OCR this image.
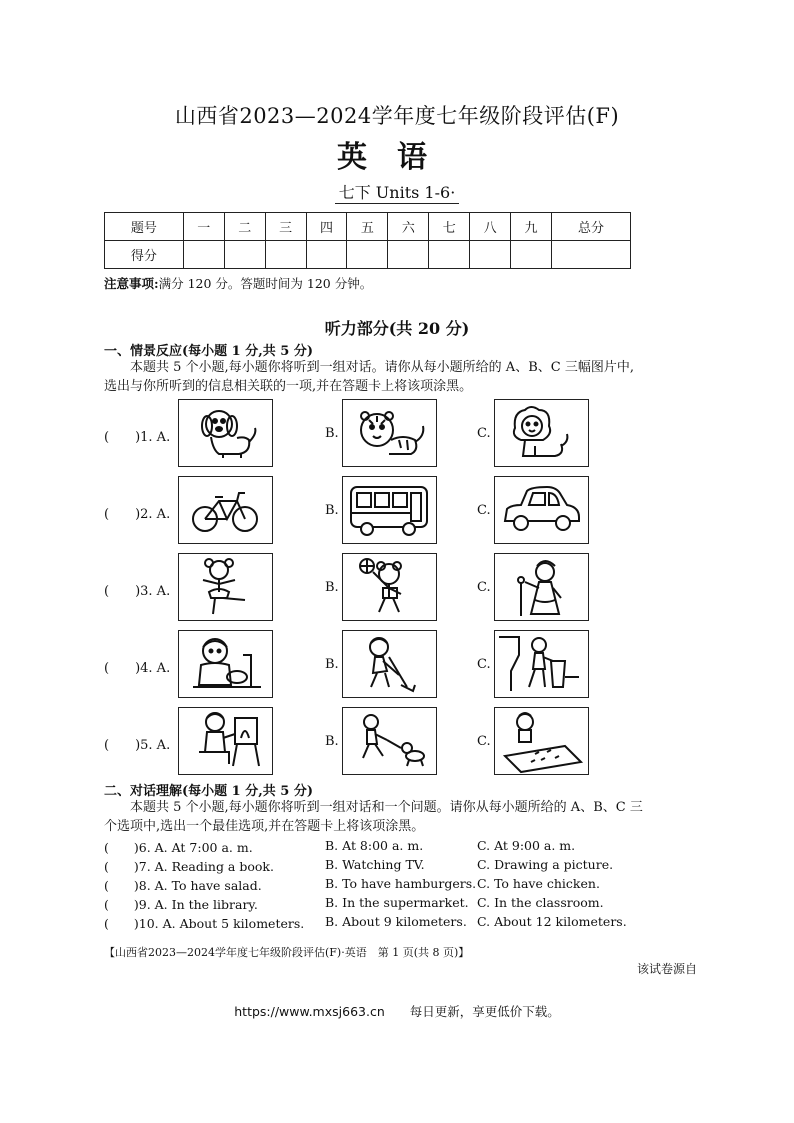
山西省2023—2024学年度七年级阶段评估(F)
英语
七下 Units 1-6·
题号	一	二	三	四	五	六	七	八	九	总分
得分										
注意事项:满分 120 分。答题时间为 120 分钟。
听力部分(共 20 分)
一、情景反应(每小题 1 分,共 5 分)
本题共 5 个小题,每小题你将听到一组对话。请你从每小题所给的 A、B、C 三幅图片中,选出与你所听到的信息相关联的一项,并在答题卡上将该项涂黑。
(　　)1. A.	B.	C.
(　　)2. A.	B.	C.
(　　)3. A.	B.	C.
(　　)4. A.	B.	C.
(　　)5. A.	B.	C.
二、对话理解(每小题 1 分,共 5 分)
本题共 5 个小题,每小题你将听到一组对话和一个问题。请你从每小题所给的 A、B、C 三个选项中,选出一个最佳选项,并在答题卡上将该项涂黑。
(　　)6. A. At 7:00 a. m.	B. At 8:00 a. m.	C. At 9:00 a. m.
(　　)7. A. Reading a book.	B. Watching TV.	C. Drawing a picture.
(　　)8. A. To have salad.	B. To have hamburgers. C. To have chicken.
(　　)9. A. In the library.	B. In the supermarket. C. In the classroom.
(　　)10. A. About 5 kilometers. B. About 9 kilometers. C. About 12 kilometers.
【山西省2023—2024学年度七年级阶段评估(F)·英语　第 1 页(共 8 页)】
该试卷源自
https://www.mxsj663.cn　　每日更新，享更低价下载。
